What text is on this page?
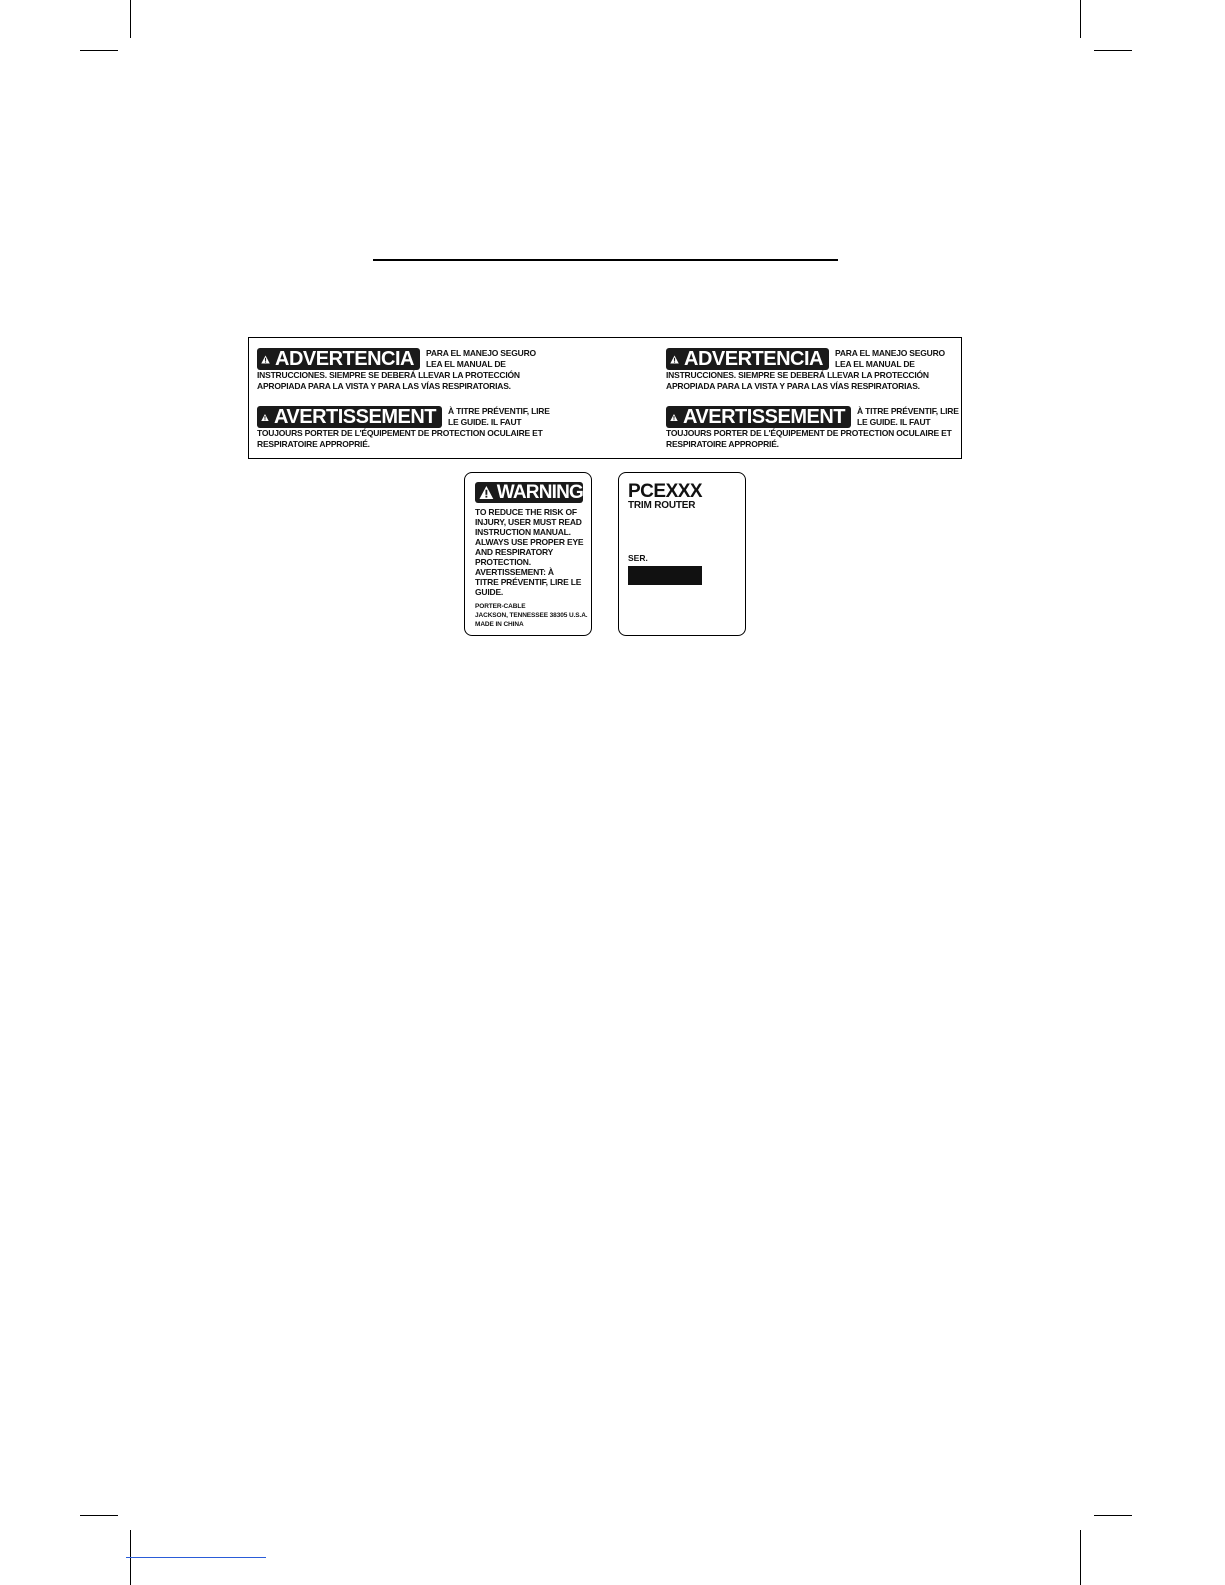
ADVERTENCIA PARA EL MANEJO SEGURO
LEA EL MANUAL DE
INSTRUCCIONES. SIEMPRE SE DEBERÁ LLEVAR LA PROTECCIÓN
APROPIADA PARA LA VISTA Y PARA LAS VÍAS RESPIRATORIAS.
AVERTISSEMENT À TITRE PRÉVENTIF, LIRE
LE GUIDE. IL FAUT
TOUJOURS PORTER DE L'ÉQUIPEMENT DE PROTECTION OCULAIRE ET
RESPIRATOIRE APPROPRIÉ.
ADVERTENCIA PARA EL MANEJO SEGURO
LEA EL MANUAL DE
INSTRUCCIONES. SIEMPRE SE DEBERÁ LLEVAR LA PROTECCIÓN
APROPIADA PARA LA VISTA Y PARA LAS VÍAS RESPIRATORIAS.
AVERTISSEMENT À TITRE PRÉVENTIF, LIRE
LE GUIDE. IL FAUT
TOUJOURS PORTER DE L'ÉQUIPEMENT DE PROTECTION OCULAIRE ET
RESPIRATOIRE APPROPRIÉ.
WARNING
TO REDUCE THE RISK OF
INJURY, USER MUST READ
INSTRUCTION MANUAL.
ALWAYS USE PROPER EYE
AND RESPIRATORY
PROTECTION.
AVERTISSEMENT: À
TITRE PRÉVENTIF, LIRE LE
GUIDE.
PORTER-CABLE
JACKSON, TENNESSEE 38305 U.S.A.
MADE IN CHINA
PCEXXX
TRIM ROUTER
SER.
